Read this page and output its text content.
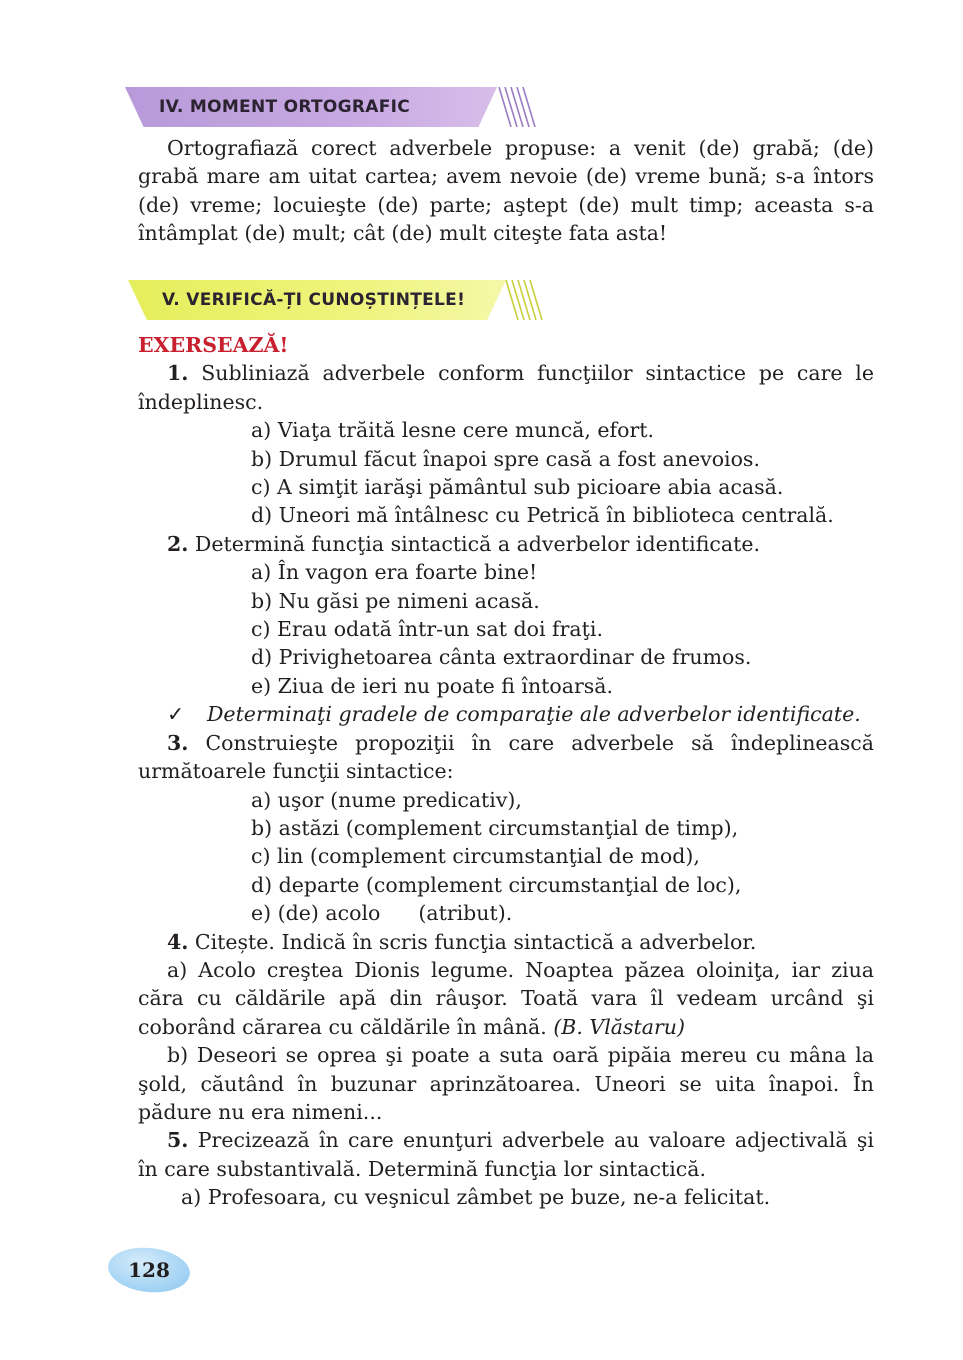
IV. MOMENT ORTOGRAFIC

Ortografiază corect adverbele propuse: a venit (de) grabă; (de) grabă mare am uitat cartea; avem nevoie (de) vreme bună; s-a întors (de) vreme; locuieşte (de) parte; aştept (de) mult timp; aceasta s-a întâmplat (de) mult; cât (de) mult citeşte fata asta!

V. VERIFICĂ-ȚI CUNOȘTINȚELE!
EXERSEAZĂ!
1. Subliniază adverbele conform funcţiilor sintactice pe care le îndeplinesc.
a) Viaţa trăită lesne cere muncă, efort.
b) Drumul făcut înapoi spre casă a fost anevoios.
c) A simţit iarăşi pământul sub picioare abia acasă.
d) Uneori mă întâlnesc cu Petrică în biblioteca centrală.
2. Determină funcţia sintactică a adverbelor identificate.
a) În vagon era foarte bine!
b) Nu găsi pe nimeni acasă.
c) Erau odată într-un sat doi fraţi.
d) Privighetoarea cânta extraordinar de frumos.
e) Ziua de ieri nu poate fi întoarsă.
✓ Determinaţi gradele de comparaţie ale adverbelor identificate.
3. Construieşte propoziţii în care adverbele să îndeplinească următoarele funcţii sintactice:
a) uşor (nume predicativ),
b) astăzi (complement circumstanţial de timp),
c) lin (complement circumstanţial de mod),
d) departe (complement circumstanţial de loc),
e) (de) acolo (atribut).
4. Citește. Indică în scris funcţia sintactică a adverbelor.
a) Acolo creştea Dionis legume. Noaptea păzea oloiniţa, iar ziua căra cu căldările apă din râuşor. Toată vara îl vedeam urcând şi coborând cărarea cu căldările în mână. (B. Vlăstaru)
b) Deseori se oprea şi poate a suta oară pipăia mereu cu mâna la şold, căutând în buzunar aprinzătoarea. Uneori se uita înapoi. În pădure nu era nimeni...
5. Precizează în care enunţuri adverbele au valoare adjectivală şi în care substantivală. Determină funcţia lor sintactică.
a) Profesoara, cu veşnicul zâmbet pe buze, ne-a felicitat.
128
